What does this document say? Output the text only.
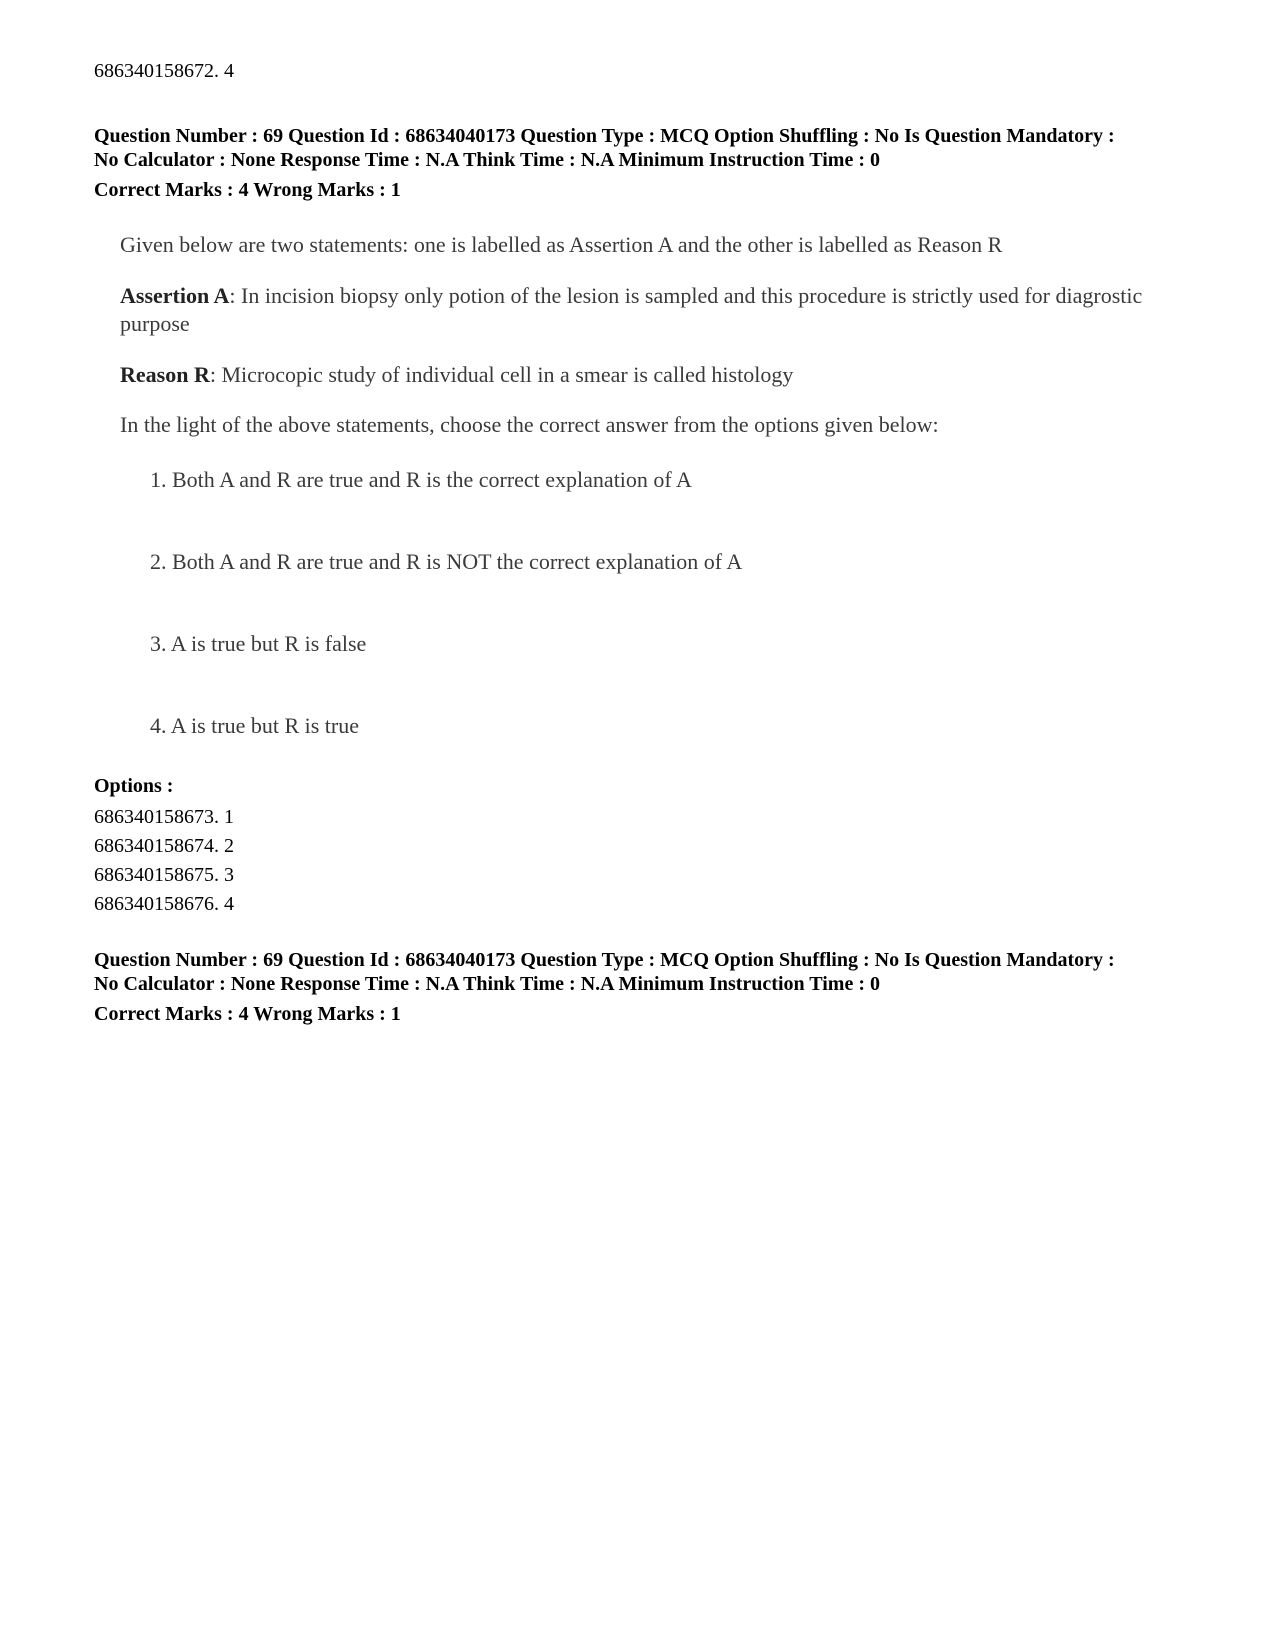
686340158672. 4
Question Number : 69 Question Id : 68634040173 Question Type : MCQ Option Shuffling : No Is Question Mandatory :
No Calculator : None Response Time : N.A Think Time : N.A Minimum Instruction Time : 0
Correct Marks : 4 Wrong Marks : 1

Given below are two statements: one is labelled as Assertion A and the other is labelled as Reason R

Assertion A: In incision biopsy only potion of the lesion is sampled and this procedure is strictly used for diagrostic purpose

Reason R: Microcopic study of individual cell in a smear is called histology

In the light of the above statements, choose the correct answer from the options given below:

1. Both A and R are true and R is the correct explanation of A
2. Both A and R are true and R is NOT the correct explanation of A
3. A is true but R is false
4. A is true but R is true
Options :
686340158673. 1
686340158674. 2
686340158675. 3
686340158676. 4
Question Number : 69 Question Id : 68634040173 Question Type : MCQ Option Shuffling : No Is Question Mandatory :
No Calculator : None Response Time : N.A Think Time : N.A Minimum Instruction Time : 0
Correct Marks : 4 Wrong Marks : 1
